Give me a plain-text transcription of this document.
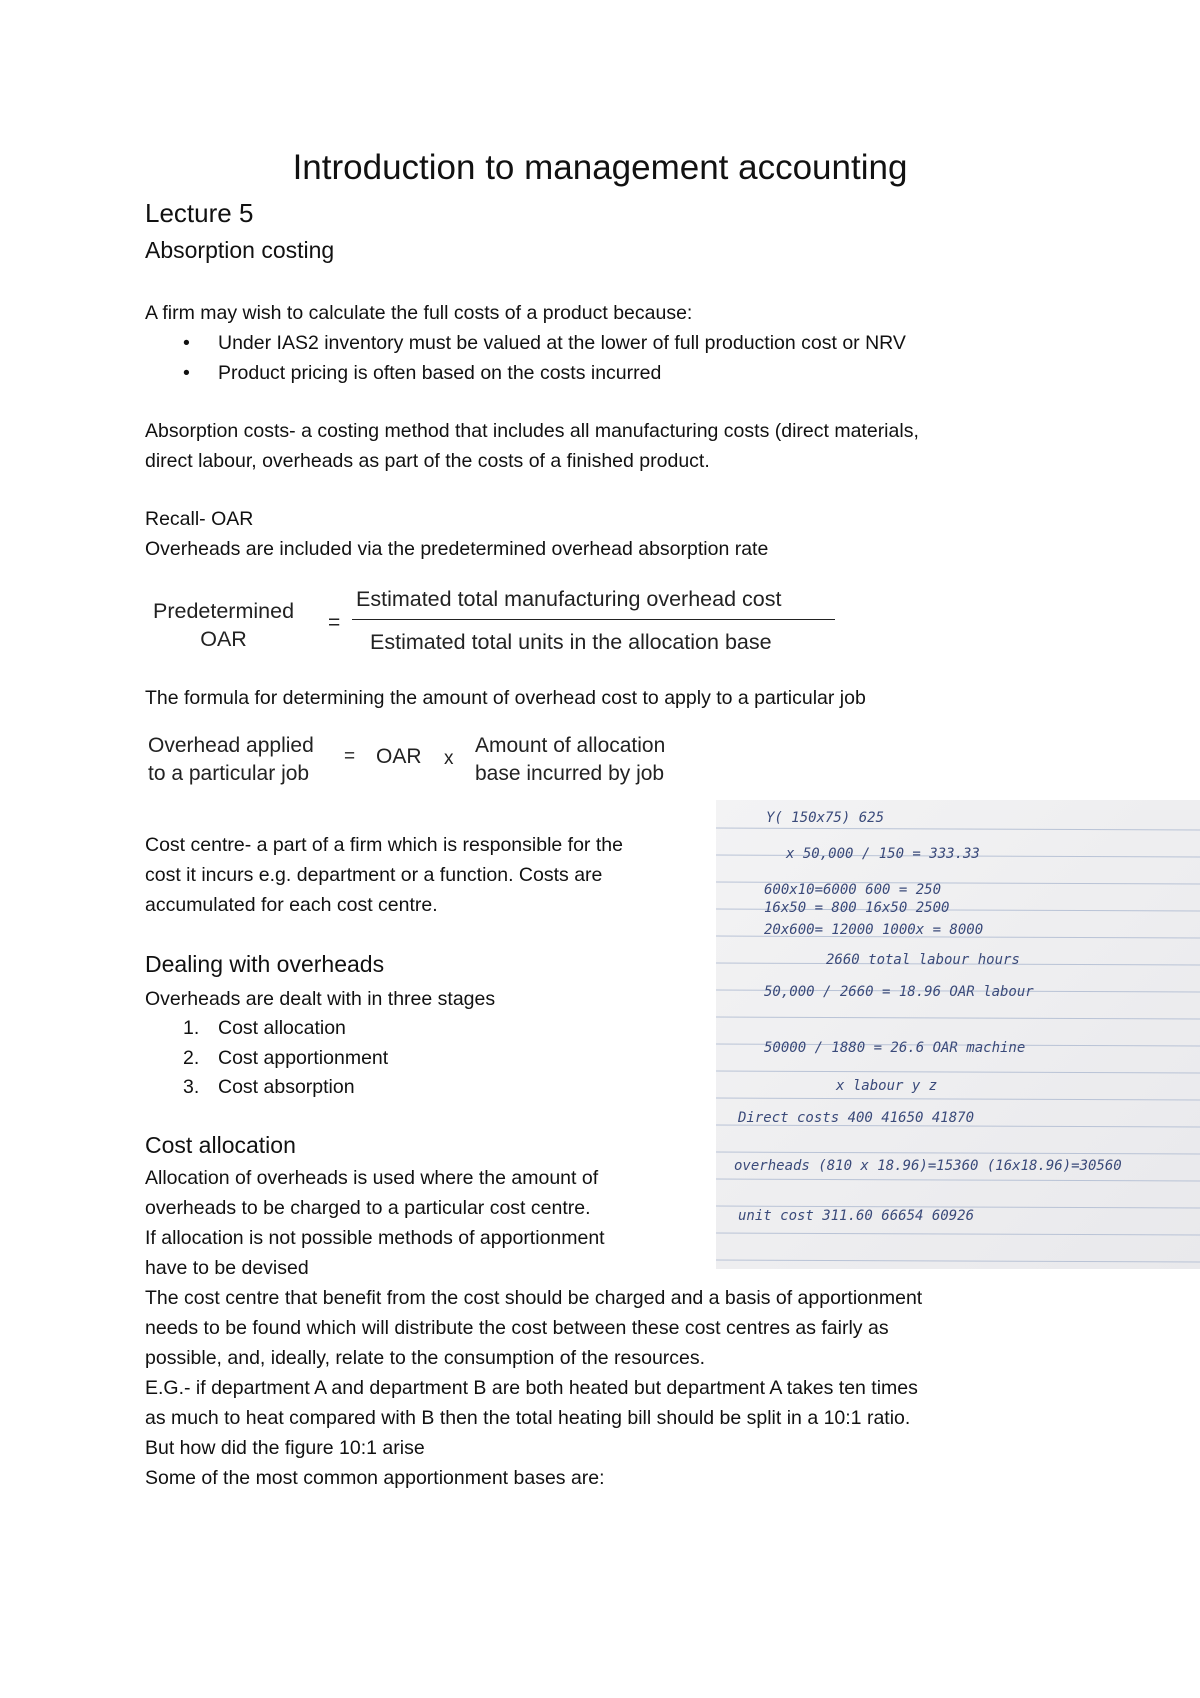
Introduction to management accounting
Lecture 5
Absorption costing
A firm may wish to calculate the full costs of a product because:
• Under IAS2 inventory must be valued at the lower of full production cost or NRV
• Product pricing is often based on the costs incurred
Absorption costs- a costing method that includes all manufacturing costs (direct materials,
direct labour, overheads as part of the costs of a finished product.
Recall- OAR
Overheads are included via the predetermined overhead absorption rate
Predetermined
OAR
=
Estimated total manufacturing overhead cost
Estimated total units in the allocation base
The formula for determining the amount of overhead cost to apply to a particular job
Overhead applied
to a particular job
= OAR x
Amount of allocation
base incurred by job
Cost centre- a part of a firm which is responsible for the
cost it incurs e.g. department or a function. Costs are
accumulated for each cost centre.
Dealing with overheads
Overheads are dealt with in three stages
1. Cost allocation
2. Cost apportionment
3. Cost absorption
Cost allocation
Allocation of overheads is used where the amount of
overheads to be charged to a particular cost centre.
If allocation is not possible methods of apportionment
have to be devised
The cost centre that benefit from the cost should be charged and a basis of apportionment
needs to be found which will distribute the cost between these cost centres as fairly as
possible, and, ideally, relate to the consumption of the resources.
E.G.- if department A and department B are both heated but department A takes ten times
as much to heat compared with B then the total heating bill should be split in a 10:1 ratio.
But how did the figure 10:1 arise
Some of the most common apportionment bases are:
Y( 150x75) 625
x 50,000 / 150 = 333.33
600x10=6000 600 = 250
16x50 = 800 16x50 2500
20x600= 12000 1000x = 8000
2660 total labour hours
50,000 / 2660 = 18.96 OAR labour
50000 / 1880 = 26.6 OAR machine
x labour y z
Direct costs 400 41650 41870
overheads (810 x 18.96)=15360 (16x18.96)=30560
unit cost 311.60 66654 60926
